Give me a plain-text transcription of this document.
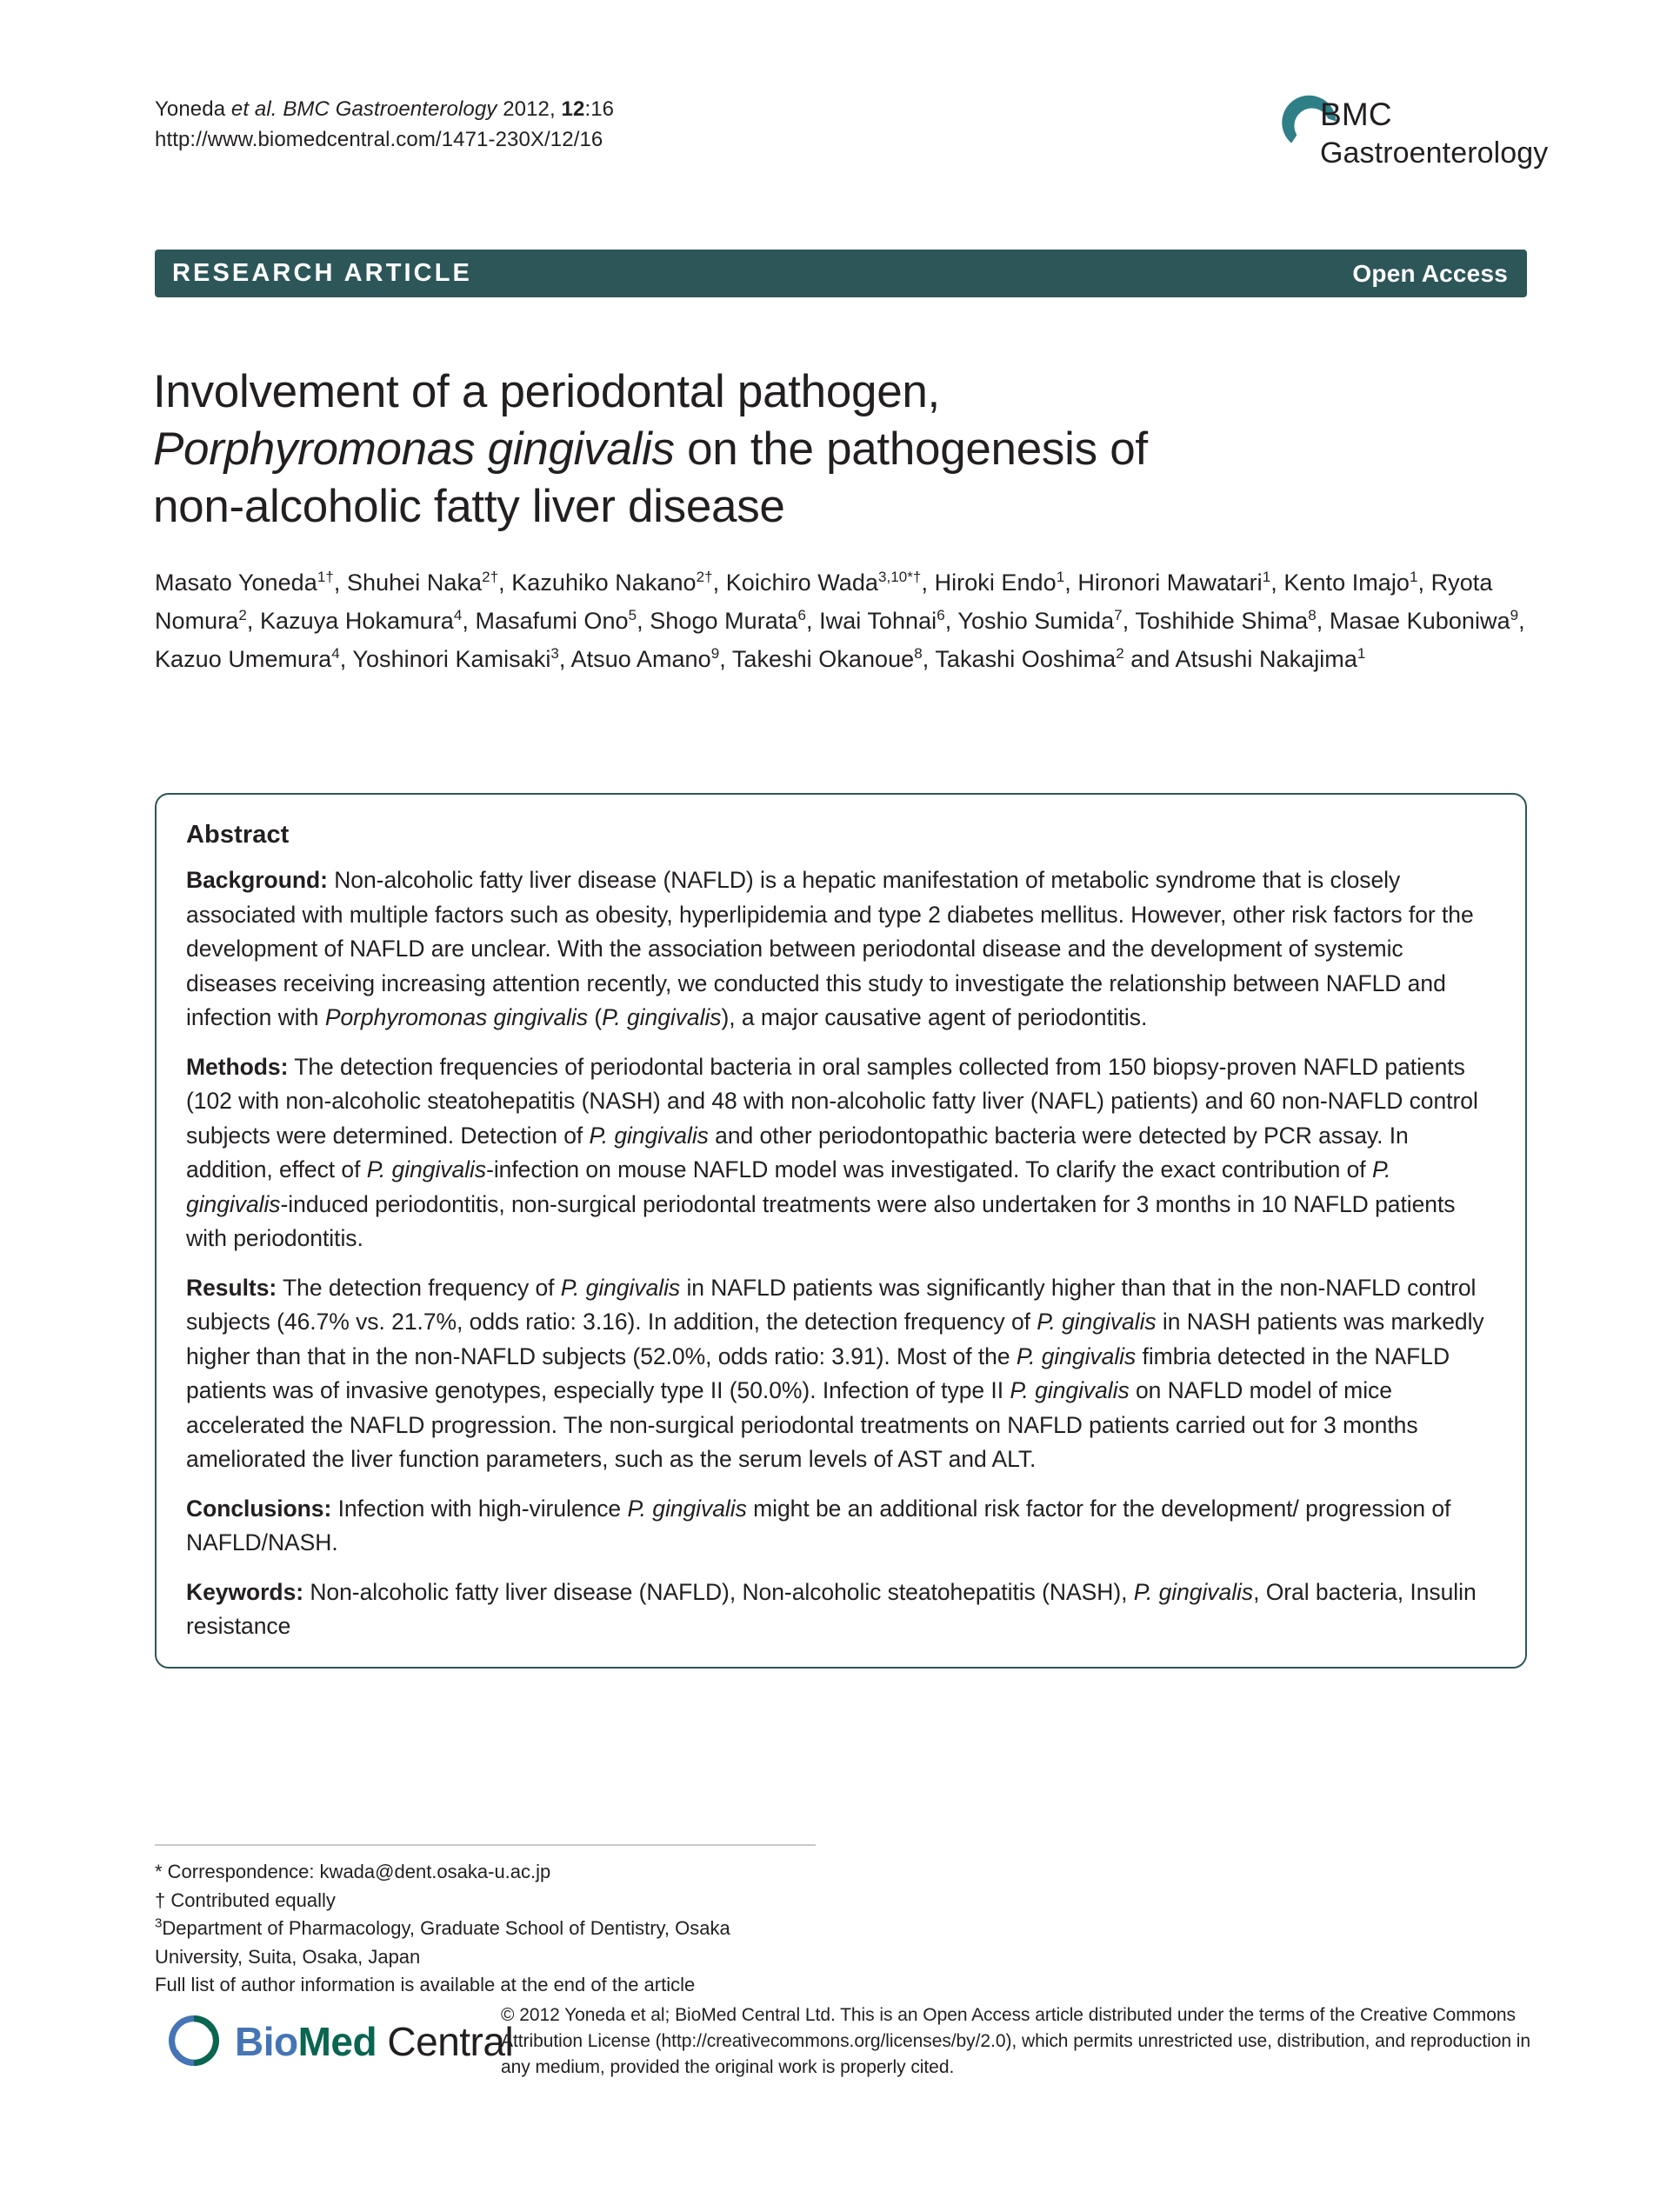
Yoneda et al. BMC Gastroenterology 2012, 12:16
http://www.biomedcentral.com/1471-230X/12/16
BMC
Gastroenterology
RESEARCH ARTICLE	Open Access
Involvement of a periodontal pathogen,
Porphyromonas gingivalis on the pathogenesis of
non-alcoholic fatty liver disease
Masato Yoneda$^{1\dagger}$, Shuhei Naka$^{2\dagger}$, Kazuhiko Nakano$^{2\dagger}$, Koichiro Wada$^{3,10*\dagger}$, Hiroki Endo$^1$, Hironori Mawatari$^1$, Kento Imajo$^1$, Ryota Nomura$^2$, Kazuya Hokamura$^4$, Masafumi Ono$^5$, Shogo Murata$^6$, Iwai Tohnai$^6$, Yoshio Sumida$^7$, Toshihide Shima$^8$, Masae Kuboniwa$^9$, Kazuo Umemura$^4$, Yoshinori Kamisaki$^3$, Atsuo Amano$^9$, Takeshi Okanoue$^8$, Takashi Ooshima$^2$ and Atsushi Nakajima$^1$
Abstract

Background: Non-alcoholic fatty liver disease (NAFLD) is a hepatic manifestation of metabolic syndrome that is closely associated with multiple factors such as obesity, hyperlipidemia and type 2 diabetes mellitus. However, other risk factors for the development of NAFLD are unclear. With the association between periodontal disease and the development of systemic diseases receiving increasing attention recently, we conducted this study to investigate the relationship between NAFLD and infection with Porphyromonas gingivalis (P. gingivalis), a major causative agent of periodontitis.

Methods: The detection frequencies of periodontal bacteria in oral samples collected from 150 biopsy-proven NAFLD patients (102 with non-alcoholic steatohepatitis (NASH) and 48 with non-alcoholic fatty liver (NAFL) patients) and 60 non-NAFLD control subjects were determined. Detection of P. gingivalis and other periodontopathic bacteria were detected by PCR assay. In addition, effect of P. gingivalis-infection on mouse NAFLD model was investigated. To clarify the exact contribution of P. gingivalis-induced periodontitis, non-surgical periodontal treatments were also undertaken for 3 months in 10 NAFLD patients with periodontitis.

Results: The detection frequency of P. gingivalis in NAFLD patients was significantly higher than that in the non-NAFLD control subjects (46.7% vs. 21.7%, odds ratio: 3.16). In addition, the detection frequency of P. gingivalis in NASH patients was markedly higher than that in the non-NAFLD subjects (52.0%, odds ratio: 3.91). Most of the P. gingivalis fimbria detected in the NAFLD patients was of invasive genotypes, especially type II (50.0%). Infection of type II P. gingivalis on NAFLD model of mice accelerated the NAFLD progression. The non-surgical periodontal treatments on NAFLD patients carried out for 3 months ameliorated the liver function parameters, such as the serum levels of AST and ALT.

Conclusions: Infection with high-virulence P. gingivalis might be an additional risk factor for the development/ progression of NAFLD/NASH.

Keywords: Non-alcoholic fatty liver disease (NAFLD), Non-alcoholic steatohepatitis (NASH), P. gingivalis, Oral bacteria, Insulin resistance

* Correspondence: kwada@dent.osaka-u.ac.jp
† Contributed equally
$^3$Department of Pharmacology, Graduate School of Dentistry, Osaka
University, Suita, Osaka, Japan
Full list of author information is available at the end of the article
BioMed Central
© 2012 Yoneda et al; BioMed Central Ltd. This is an Open Access article distributed under the terms of the Creative Commons Attribution License (http://creativecommons.org/licenses/by/2.0), which permits unrestricted use, distribution, and reproduction in any medium, provided the original work is properly cited.
